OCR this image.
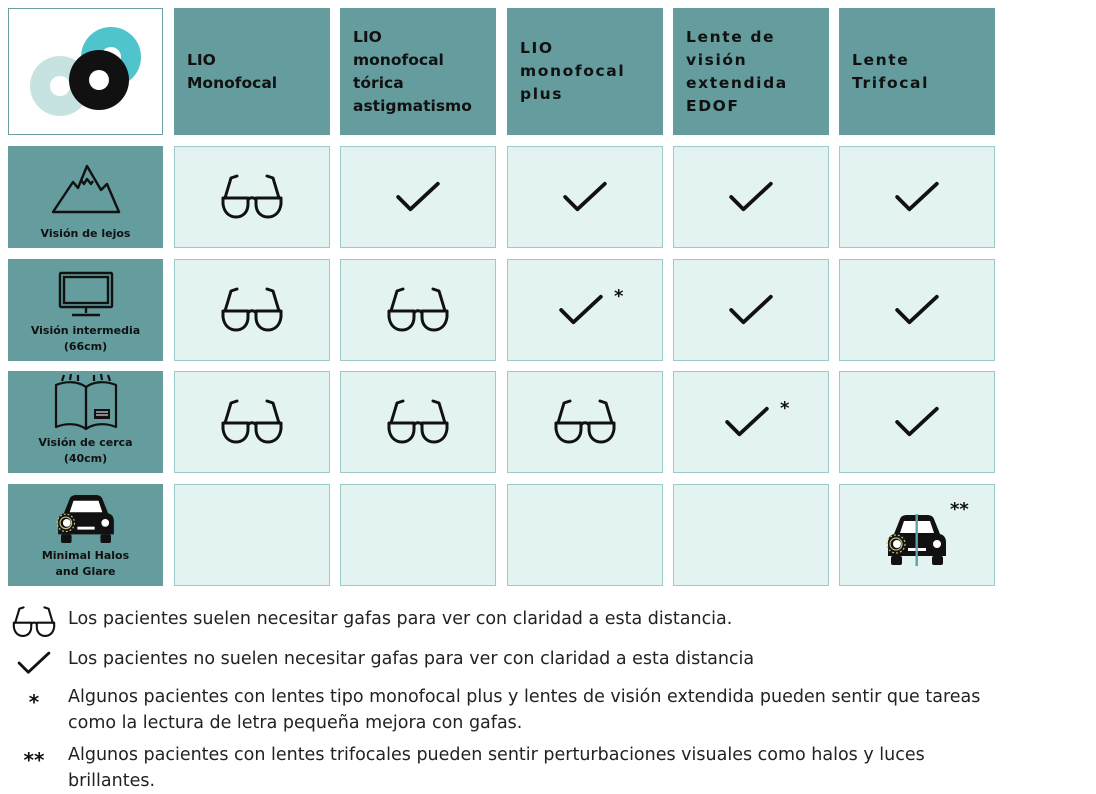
LIO
Monofocal
LIO
monofocal
tórica
astigmatismo
LIO
monofocal
plus
Lente de
visión
extendida
EDOF
Lente
Trifocal
Visión de lejos
Visión intermedia
(66cm)
*
Visión de cerca
(40cm)
*
Minimal Halos
and Glare
**
Los pacientes suelen necesitar gafas para ver con claridad a esta distancia.
Los pacientes no suelen necesitar gafas para ver con claridad a esta distancia
* Algunos pacientes con lentes tipo monofocal plus y lentes de visión extendida pueden sentir que tareas como la lectura de letra pequeña mejora con gafas.
** Algunos pacientes con lentes trifocales pueden sentir perturbaciones visuales como halos y luces brillantes.
